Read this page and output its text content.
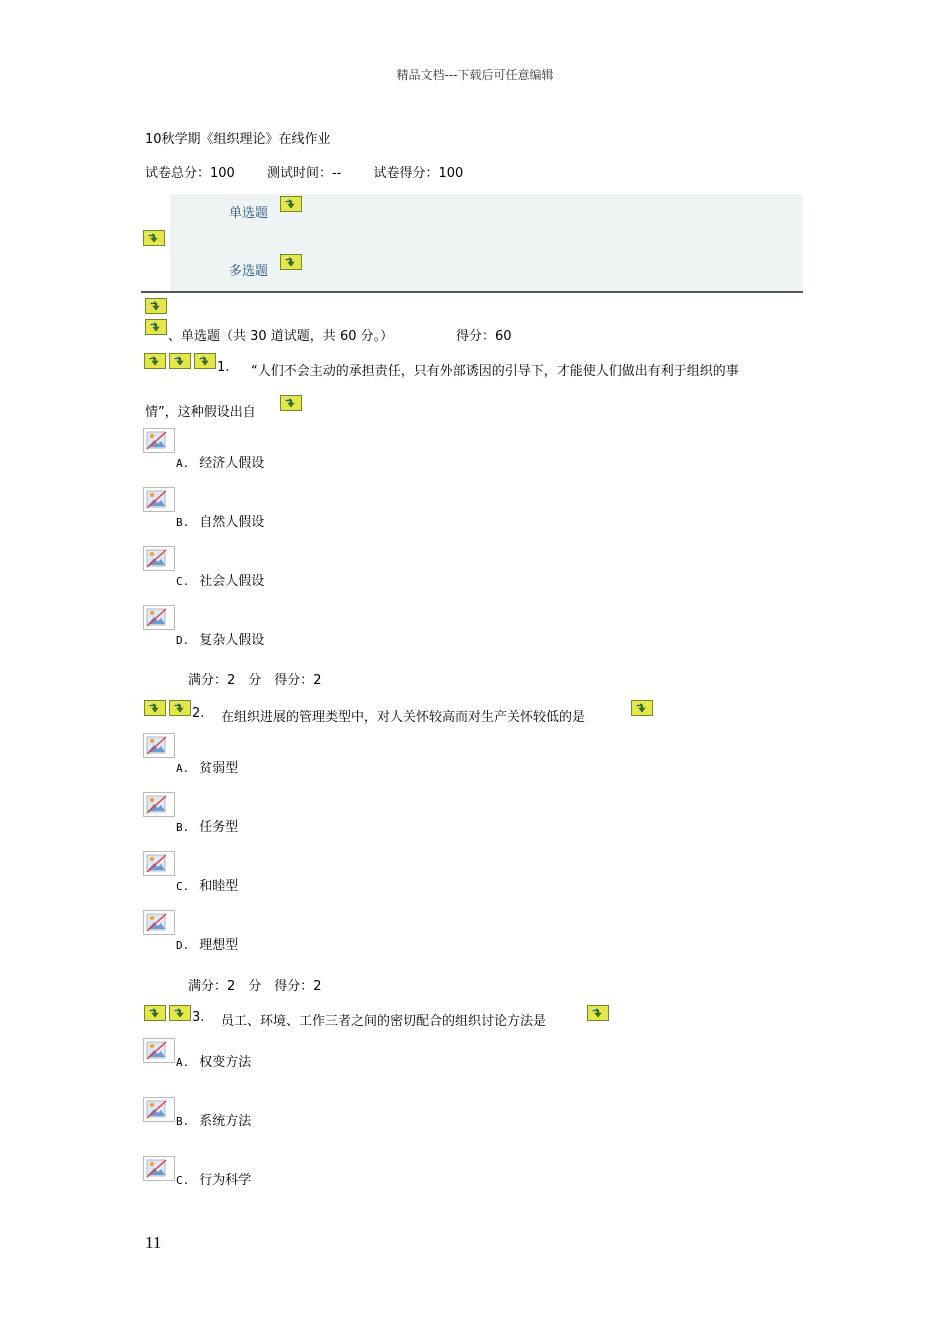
精品文档---下载后可任意编辑
10秋学期《组织理论》在线作业
试卷总分：100 测试时间：-- 试卷得分：100
单选题
多选题
、单选题（共 30 道试题，共 60 分。）	得分：60
1. “人们不会主动的承担责任，只有外部诱因的引导下，才能使人们做出有利于组织的事
情”，这种假设出自
A. 经济人假设
B. 自然人假设
C. 社会人假设
D. 复杂人假设
满分：2　分　得分：2
2. 在组织进展的管理类型中，对人关怀较高而对生产关怀较低的是
A. 贫弱型
B. 任务型
C. 和睦型
D. 理想型
满分：2　分　得分：2
3. 员工、环境、工作三者之间的密切配合的组织讨论方法是
A. 权变方法
B. 系统方法
C. 行为科学
11
